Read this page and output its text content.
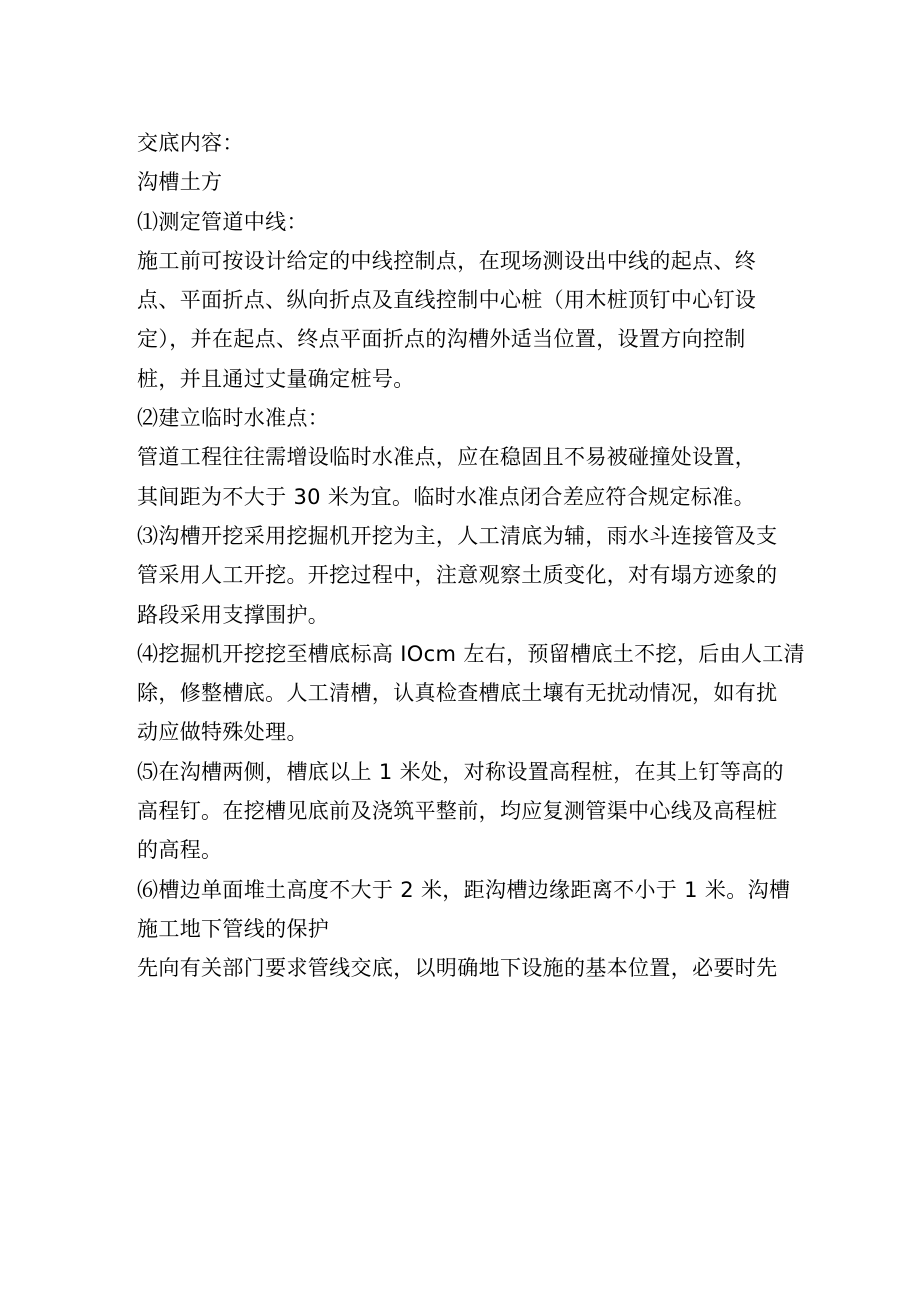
交底内容：
沟槽土方
⑴测定管道中线：
施工前可按设计给定的中线控制点，在现场测设出中线的起点、终
点、平面折点、纵向折点及直线控制中心桩（用木桩顶钉中心钉设
定），并在起点、终点平面折点的沟槽外适当位置，设置方向控制
桩，并且通过丈量确定桩号。
⑵建立临时水准点：
管道工程往往需增设临时水准点，应在稳固且不易被碰撞处设置，
其间距为不大于 30 米为宜。临时水准点闭合差应符合规定标准。
⑶沟槽开挖采用挖掘机开挖为主，人工清底为辅，雨水斗连接管及支
管采用人工开挖。开挖过程中，注意观察土质变化，对有塌方迹象的
路段采用支撑围护。
⑷挖掘机开挖挖至槽底标高 IOcm 左右，预留槽底土不挖，后由人工清
除，修整槽底。人工清槽，认真检查槽底土壤有无扰动情况，如有扰
动应做特殊处理。
⑸在沟槽两侧，槽底以上 1 米处，对称设置高程桩，在其上钉等高的
高程钉。在挖槽见底前及浇筑平整前，均应复测管渠中心线及高程桩
的高程。
⑹槽边单面堆土高度不大于 2 米，距沟槽边缘距离不小于 1 米。沟槽
施工地下管线的保护
先向有关部门要求管线交底，以明确地下设施的基本位置，必要时先
